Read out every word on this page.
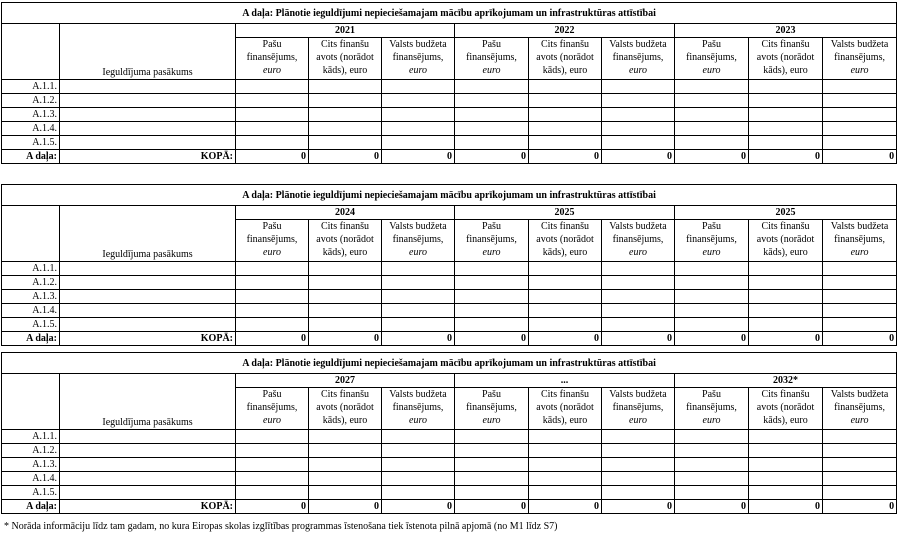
A daļa: Plānotie ieguldījumi nepieciešamajam mācību aprīkojumam un infrastruktūras attīstībai										
	Ieguldījuma pasākums	2021			2022			2023		
		Pašu
finansējums,
euro	Cits finanšu
avots (norādot
kāds), euro	Valsts budžeta
finansējums,
euro	Pašu
finansējums,
euro	Cits finanšu
avots (norādot
kāds), euro	Valsts budžeta
finansējums,
euro	Pašu
finansējums,
euro	Cits finanšu
avots (norādot
kāds), euro	Valsts budžeta
finansējums,
euro
A.1.1.										
A.1.2.										
A.1.3.										
A.1.4.										
A.1.5.										
A daļa:	KOPĀ:	0	0	0	0	0	0	0	0	0
A daļa: Plānotie ieguldījumi nepieciešamajam mācību aprīkojumam un infrastruktūras attīstībai										
	Ieguldījuma pasākums	2024			2025			2025		
		Pašu
finansējums,
euro	Cits finanšu
avots (norādot
kāds), euro	Valsts budžeta
finansējums,
euro	Pašu
finansējums,
euro	Cits finanšu
avots (norādot
kāds), euro	Valsts budžeta
finansējums,
euro	Pašu
finansējums,
euro	Cits finanšu
avots (norādot
kāds), euro	Valsts budžeta
finansējums,
euro
A.1.1.										
A.1.2.										
A.1.3.										
A.1.4.										
A.1.5.										
A daļa:	KOPĀ:	0	0	0	0	0	0	0	0	0
A daļa: Plānotie ieguldījumi nepieciešamajam mācību aprīkojumam un infrastruktūras attīstībai										
	Ieguldījuma pasākums	2027			...			2032*		
		Pašu
finansējums,
euro	Cits finanšu
avots (norādot
kāds), euro	Valsts budžeta
finansējums,
euro	Pašu
finansējums,
euro	Cits finanšu
avots (norādot
kāds), euro	Valsts budžeta
finansējums,
euro	Pašu
finansējums,
euro	Cits finanšu
avots (norādot
kāds), euro	Valsts budžeta
finansējums,
euro
A.1.1.										
A.1.2.										
A.1.3.										
A.1.4.										
A.1.5.										
A daļa:	KOPĀ:	0	0	0	0	0	0	0	0	0
* Norāda informāciju līdz tam gadam, no kura Eiropas skolas izglītības programmas īstenošana tiek īstenota pilnā apjomā (no M1 līdz S7)
